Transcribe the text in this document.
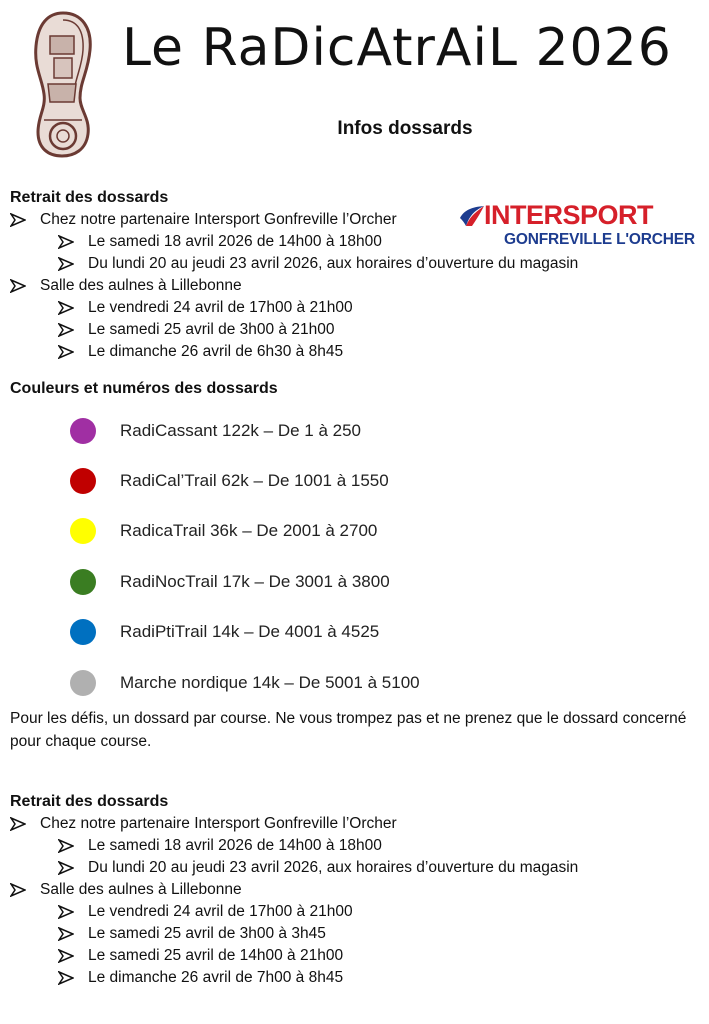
Le RaDicAtrAiL 2026
Infos dossards
INTERSPORT
GONFREVILLE L'ORCHER
Retrait des dossards
Chez notre partenaire Intersport Gonfreville l’Orcher
Le samedi 18 avril 2026 de 14h00 à 18h00
Du lundi 20 au jeudi 23 avril 2026, aux horaires d’ouverture du magasin
Salle des aulnes à Lillebonne
Le vendredi 24 avril de 17h00 à 21h00
Le samedi 25 avril de 3h00 à 21h00
Le dimanche 26 avril de 6h30 à 8h45
Couleurs et numéros des dossards
RadiCassant 122k – De 1 à 250
RadiCal’Trail 62k – De 1001 à 1550
RadicaTrail 36k – De 2001 à 2700
RadiNocTrail 17k – De 3001 à 3800
RadiPtiTrail 14k – De 4001 à 4525
Marche nordique 14k – De 5001 à 5100
Pour les défis, un dossard par course. Ne vous trompez pas et ne prenez que le dossard concerné pour chaque course.
Retrait des dossards
Chez notre partenaire Intersport Gonfreville l’Orcher
Le samedi 18 avril 2026 de 14h00 à 18h00
Du lundi 20 au jeudi 23 avril 2026, aux horaires d’ouverture du magasin
Salle des aulnes à Lillebonne
Le vendredi 24 avril de 17h00 à 21h00
Le samedi 25 avril de 3h00 à 3h45
Le samedi 25 avril de 14h00 à 21h00
Le dimanche 26 avril de 7h00 à 8h45
